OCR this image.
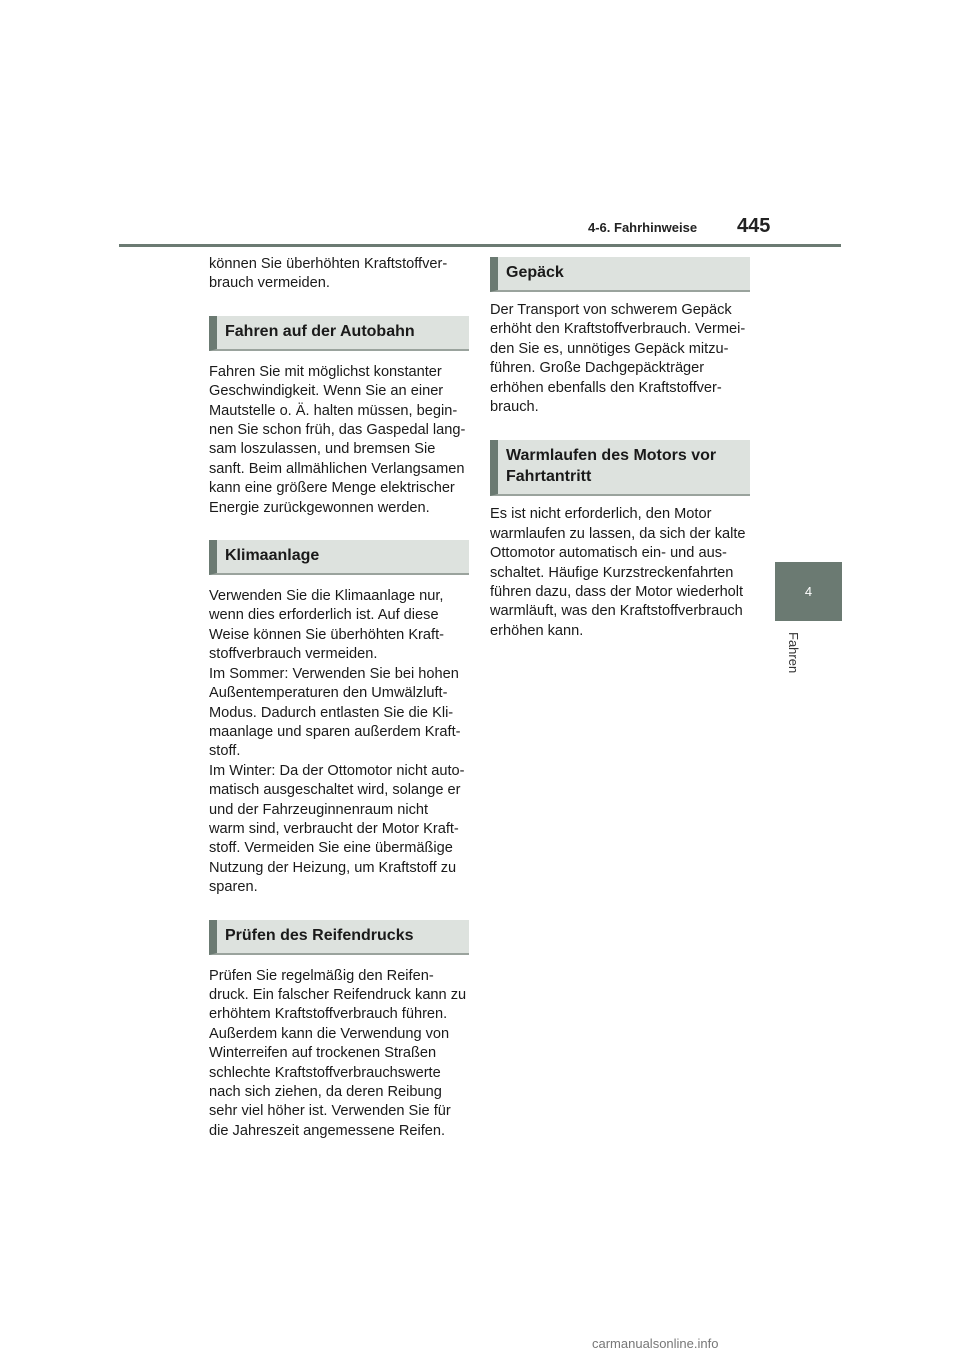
4-6. Fahrhinweise 445
4
Fahren

können Sie überhöhten Kraftstoffver-
brauch vermeiden.

Fahren auf der Autobahn

Fahren Sie mit möglichst konstanter
Geschwindigkeit. Wenn Sie an einer
Mautstelle o. Ä. halten müssen, begin-
nen Sie schon früh, das Gaspedal lang-
sam loszulassen, und bremsen Sie
sanft. Beim allmählichen Verlangsamen
kann eine größere Menge elektrischer
Energie zurückgewonnen werden.

Klimaanlage

Verwenden Sie die Klimaanlage nur,
wenn dies erforderlich ist. Auf diese
Weise können Sie überhöhten Kraft-
stoffverbrauch vermeiden.
Im Sommer: Verwenden Sie bei hohen
Außentemperaturen den Umwälzluft-
Modus. Dadurch entlasten Sie die Kli-
maanlage und sparen außerdem Kraft-
stoff.
Im Winter: Da der Ottomotor nicht auto-
matisch ausgeschaltet wird, solange er
und der Fahrzeuginnenraum nicht
warm sind, verbraucht der Motor Kraft-
stoff. Vermeiden Sie eine übermäßige
Nutzung der Heizung, um Kraftstoff zu
sparen.

Prüfen des Reifendrucks

Prüfen Sie regelmäßig den Reifen-
druck. Ein falscher Reifendruck kann zu
erhöhtem Kraftstoffverbrauch führen.
Außerdem kann die Verwendung von
Winterreifen auf trockenen Straßen
schlechte Kraftstoffverbrauchswerte
nach sich ziehen, da deren Reibung
sehr viel höher ist. Verwenden Sie für
die Jahreszeit angemessene Reifen.

Gepäck

Der Transport von schwerem Gepäck
erhöht den Kraftstoffverbrauch. Vermei-
den Sie es, unnötiges Gepäck mitzu-
führen. Große Dachgepäckträger
erhöhen ebenfalls den Kraftstoffver-
brauch.

Warmlaufen des Motors vor
Fahrtantritt

Es ist nicht erforderlich, den Motor
warmlaufen zu lassen, da sich der kalte
Ottomotor automatisch ein- und aus-
schaltet. Häufige Kurzstreckenfahrten
führen dazu, dass der Motor wiederholt
warmläuft, was den Kraftstoffverbrauch
erhöhen kann.

carmanualsonline.info
